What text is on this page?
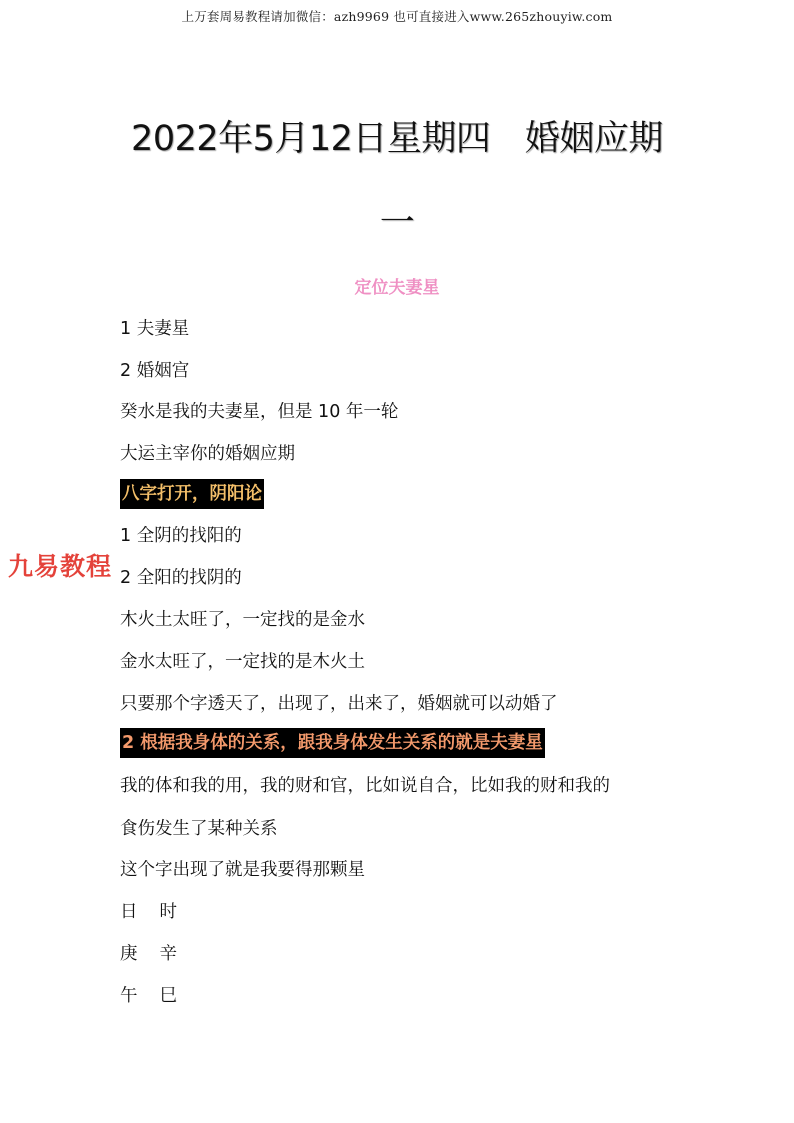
上万套周易教程请加微信：azh9969 也可直接进入www.265zhouyiw.com
2022年5月12日星期四　婚姻应期
一
定位夫妻星
1 夫妻星
2 婚姻宫
癸水是我的夫妻星，但是 10 年一轮
大运主宰你的婚姻应期
八字打开，阴阳论
1 全阴的找阳的
2 全阳的找阴的
木火土太旺了，一定找的是金水
金水太旺了，一定找的是木火土
只要那个字透天了，出现了，出来了，婚姻就可以动婚了
2 根据我身体的关系，跟我身体发生关系的就是夫妻星
我的体和我的用，我的财和官，比如说自合，比如我的财和我的
食伤发生了某种关系
这个字出现了就是我要得那颗星
日 时
庚 辛
午 巳
九易教程
